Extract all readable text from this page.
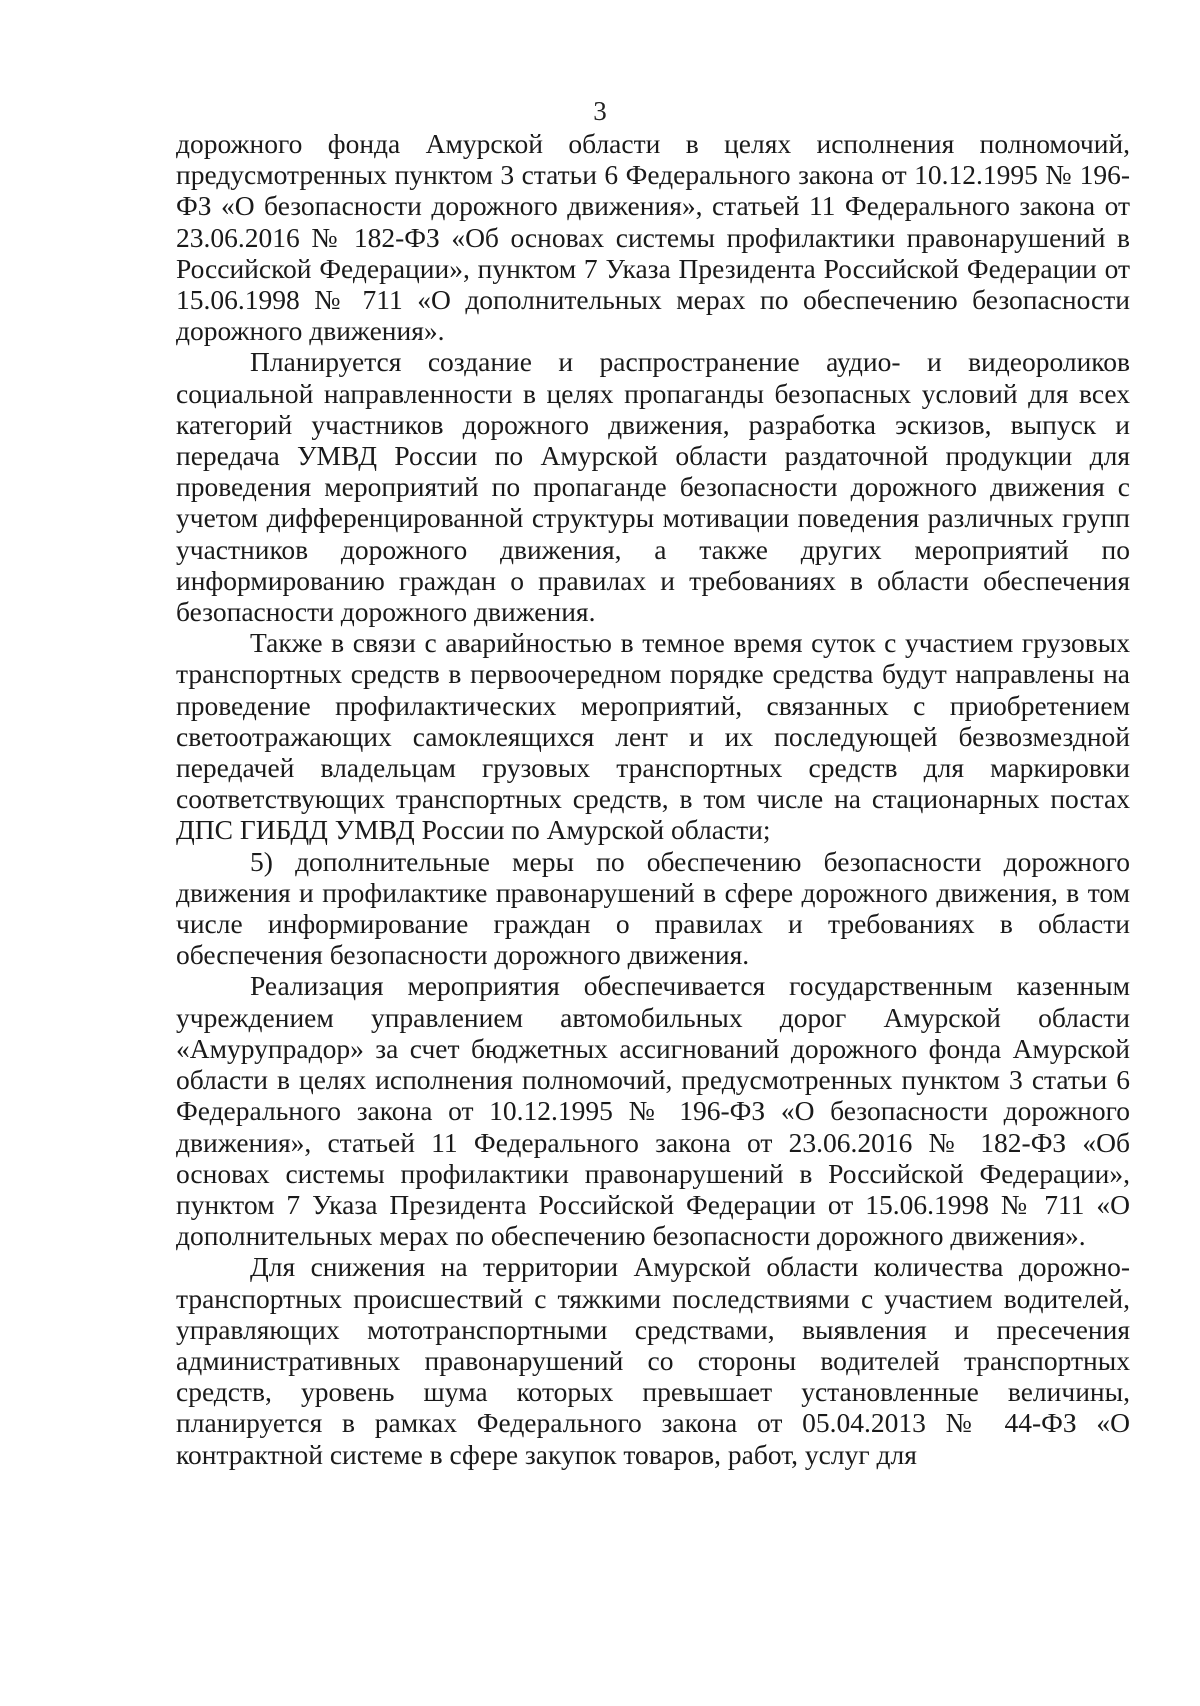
3

дорожного фонда Амурской области в целях исполнения полномочий, предусмотренных пунктом 3 статьи 6 Федерального закона от 10.12.1995 № 196-ФЗ «О безопасности дорожного движения», статьей 11 Федерального закона от 23.06.2016 № 182-ФЗ «Об основах системы профилактики правонарушений в Российской Федерации», пунктом 7 Указа Президента Российской Федерации от 15.06.1998 № 711 «О дополнительных мерах по обеспечению безопасности дорожного движения».

Планируется создание и распространение аудио- и видеороликов социальной направленности в целях пропаганды безопасных условий для всех категорий участников дорожного движения, разработка эскизов, выпуск и передача УМВД России по Амурской области раздаточной продукции для проведения мероприятий по пропаганде безопасности дорожного движения с учетом дифференцированной структуры мотивации поведения различных групп участников дорожного движения, а также других мероприятий по информированию граждан о правилах и требованиях в области обеспечения безопасности дорожного движения.

Также в связи с аварийностью в темное время суток с участием грузовых транспортных средств в первоочередном порядке средства будут направлены на проведение профилактических мероприятий, связанных с приобретением светоотражающих самоклеящихся лент и их последующей безвозмездной передачей владельцам грузовых транспортных средств для маркировки соответствующих транспортных средств, в том числе на стационарных постах ДПС ГИБДД УМВД России по Амурской области;

5) дополнительные меры по обеспечению безопасности дорожного движения и профилактике правонарушений в сфере дорожного движения, в том числе информирование граждан о правилах и требованиях в области обеспечения безопасности дорожного движения.

Реализация мероприятия обеспечивается государственным казенным учреждением управлением автомобильных дорог Амурской области «Амурупрадор» за счет бюджетных ассигнований дорожного фонда Амурской области в целях исполнения полномочий, предусмотренных пунктом 3 статьи 6 Федерального закона от 10.12.1995 № 196-ФЗ «О безопасности дорожного движения», статьей 11 Федерального закона от 23.06.2016 № 182-ФЗ «Об основах системы профилактики правонарушений в Российской Федерации», пунктом 7 Указа Президента Российской Федерации от 15.06.1998 № 711 «О дополнительных мерах по обеспечению безопасности дорожного движения».

Для снижения на территории Амурской области количества дорожно-транспортных происшествий с тяжкими последствиями с участием водителей, управляющих мототранспортными средствами, выявления и пресечения административных правонарушений со стороны водителей транспортных средств, уровень шума которых превышает установленные величины, планируется в рамках Федерального закона от 05.04.2013 № 44-ФЗ «О контрактной системе в сфере закупок товаров, работ, услуг для
